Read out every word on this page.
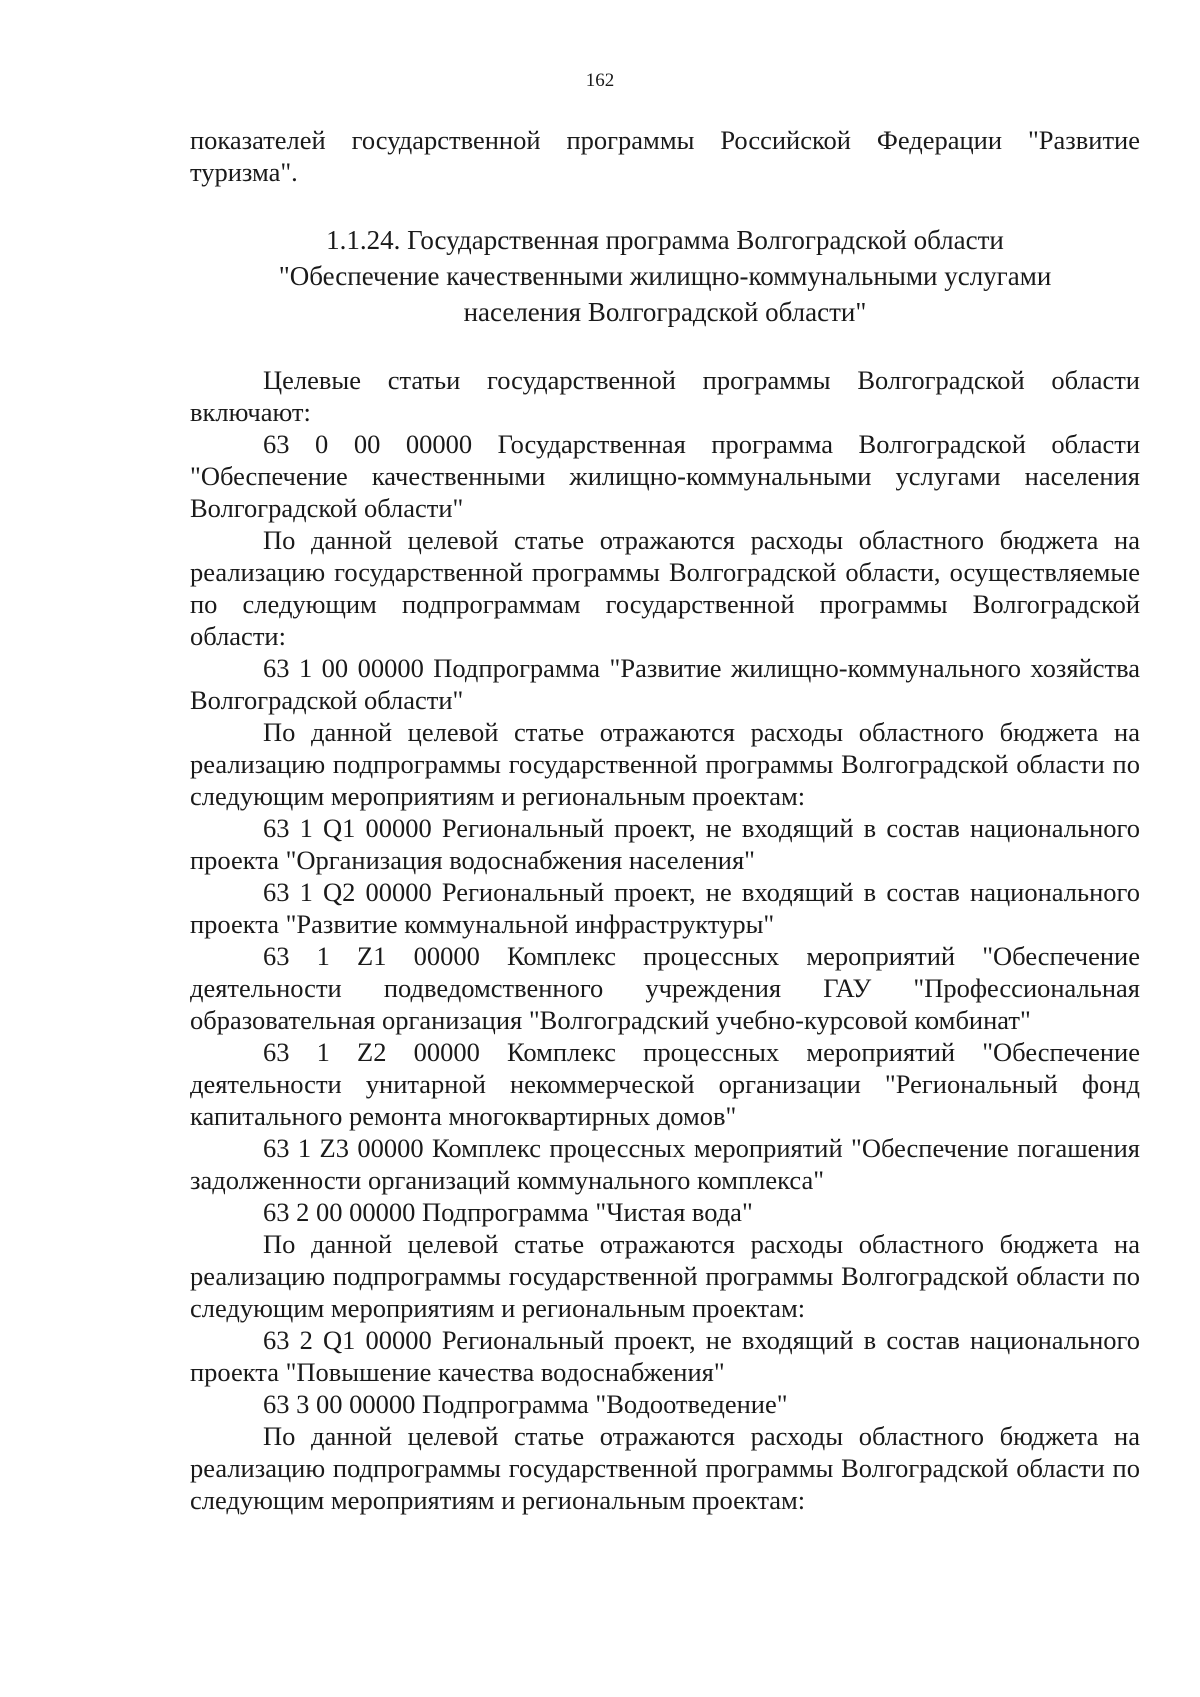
162

показателей государственной программы Российской Федерации "Развитие

туризма".

1.1.24. Государственная программа Волгоградской области
"Обеспечение качественными жилищно-коммунальными услугами
населения Волгоградской области"

Целевые статьи государственной программы Волгоградской области включают:

63 0 00 00000 Государственная программа Волгоградской области "Обеспечение качественными жилищно-коммунальными услугами населения Волгоградской области"

По данной целевой статье отражаются расходы областного бюджета на реализацию государственной программы Волгоградской области, осуществляемые по следующим подпрограммам государственной программы Волгоградской области:

63 1 00 00000 Подпрограмма "Развитие жилищно-коммунального хозяйства Волгоградской области"

По данной целевой статье отражаются расходы областного бюджета на реализацию подпрограммы государственной программы Волгоградской области по следующим мероприятиям и региональным проектам:

63 1 Q1 00000 Региональный проект, не входящий в состав национального проекта "Организация водоснабжения населения"

63 1 Q2 00000 Региональный проект, не входящий в состав национального проекта "Развитие коммунальной инфраструктуры"

63 1 Z1 00000 Комплекс процессных мероприятий "Обеспечение деятельности подведомственного учреждения ГАУ "Профессиональная образовательная организация "Волгоградский учебно-курсовой комбинат"

63 1 Z2 00000 Комплекс процессных мероприятий "Обеспечение деятельности унитарной некоммерческой организации "Региональный фонд капитального ремонта многоквартирных домов"

63 1 Z3 00000 Комплекс процессных мероприятий "Обеспечение погашения задолженности организаций коммунального комплекса"

63 2 00 00000 Подпрограмма "Чистая вода"

По данной целевой статье отражаются расходы областного бюджета на реализацию подпрограммы государственной программы Волгоградской области по следующим мероприятиям и региональным проектам:

63 2 Q1 00000 Региональный проект, не входящий в состав национального проекта "Повышение качества водоснабжения"

63 3 00 00000 Подпрограмма "Водоотведение"

По данной целевой статье отражаются расходы областного бюджета на реализацию подпрограммы государственной программы Волгоградской области по следующим мероприятиям и региональным проектам:
